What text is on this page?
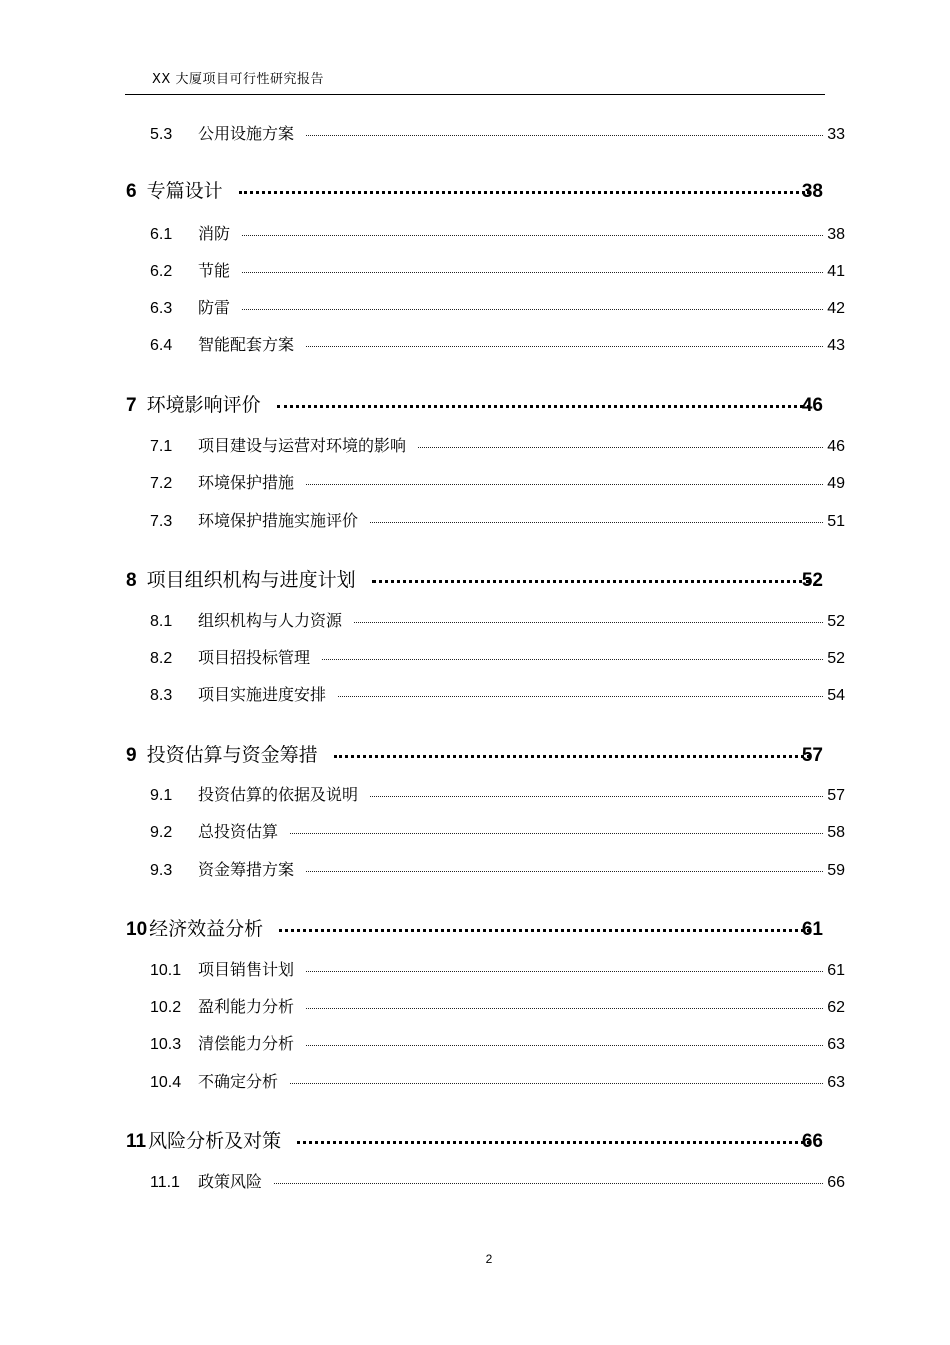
XX 大厦项目可行性研究报告
5.3	公用设施方案	33
6 专篇设计	38
6.1	消防	38
6.2	节能	41
6.3	防雷	42
6.4	智能配套方案	43
7 环境影响评价	46
7.1	项目建设与运营对环境的影响	46
7.2	环境保护措施	49
7.3	环境保护措施实施评价	51
8 项目组织机构与进度计划	52
8.1	组织机构与人力资源	52
8.2	项目招投标管理	52
8.3	项目实施进度安排	54
9 投资估算与资金筹措	57
9.1	投资估算的依据及说明	57
9.2	总投资估算	58
9.3	资金筹措方案	59
10 经济效益分析	61
10.1	项目销售计划	61
10.2	盈利能力分析	62
10.3	清偿能力分析	63
10.4	不确定分析	63
11 风险分析及对策	66
11.1	政策风险	66
2
